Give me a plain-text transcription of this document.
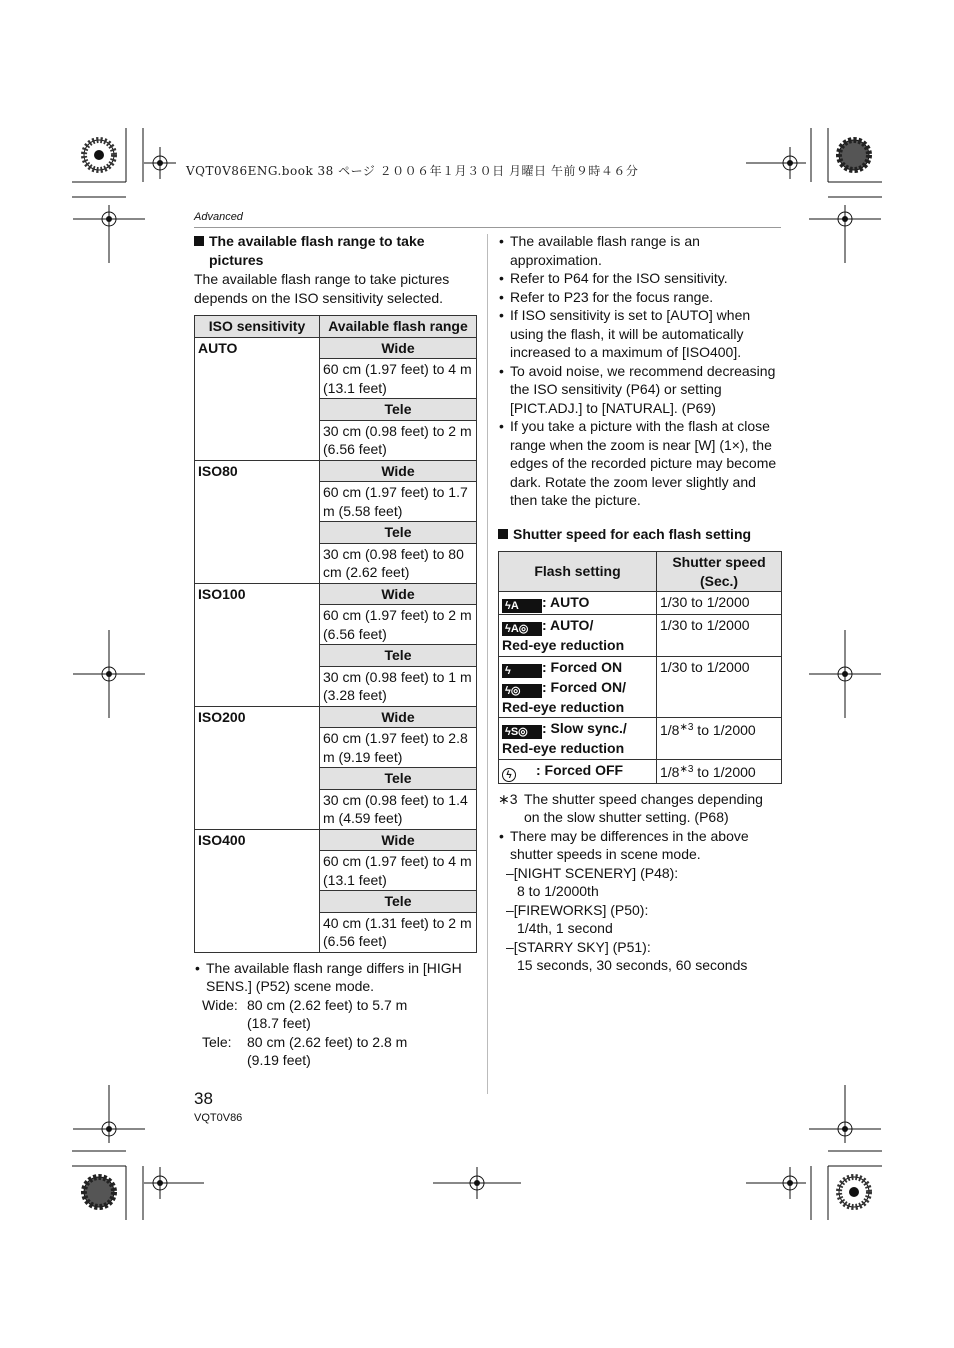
VQT0V86ENG.book 38 ページ ２００６年１月３０日 月曜日 午前９時４６分
Advanced
The available flash range to take pictures
The available flash range to take pictures depends on the ISO sensitivity selected.
ISO sensitivity	Available flash range
AUTO	Wide
	60 cm (1.97 feet) to 4 m (13.1 feet)
	Tele
	30 cm (0.98 feet) to 2 m (6.56 feet)
ISO80	Wide
	60 cm (1.97 feet) to 1.7 m (5.58 feet)
	Tele
	30 cm (0.98 feet) to 80 cm (2.62 feet)
ISO100	Wide
	60 cm (1.97 feet) to 2 m (6.56 feet)
	Tele
	30 cm (0.98 feet) to 1 m (3.28 feet)
ISO200	Wide
	60 cm (1.97 feet) to 2.8 m (9.19 feet)
	Tele
	30 cm (0.98 feet) to 1.4 m (4.59 feet)
ISO400	Wide
	60 cm (1.97 feet) to 4 m (13.1 feet)
	Tele
	40 cm (1.31 feet) to 2 m (6.56 feet)
• The available flash range differs in [HIGH SENS.] (P52) scene mode.
Wide: 80 cm (2.62 feet) to 5.7 m (18.7 feet)
Tele:	80 cm (2.62 feet) to 2.8 m (9.19 feet)
• The available flash range is an approximation.
• Refer to P64 for the ISO sensitivity.
• Refer to P23 for the focus range.
• If ISO sensitivity is set to [AUTO] when using the flash, it will be automatically increased to a maximum of [ISO400].
• To avoid noise, we recommend decreasing the ISO sensitivity (P64) or setting [PICT.ADJ.] to [NATURAL]. (P69)
• If you take a picture with the flash at close range when the zoom is near [W] (1×), the edges of the recorded picture may become dark. Rotate the zoom lever slightly and then take the picture.
Shutter speed for each flash setting
Flash setting	Shutter speed (Sec.)

ϟA : AUTO	1/30 to 1/2000

ϟA◎ : AUTO/
Red-eye reduction	1/30 to 1/2000

ϟ : Forced ON
ϟ◎ : Forced ON/
Red-eye reduction	1/30 to 1/2000

ϟS◎ : Slow sync./
Red-eye reduction	$1/8^{∗3}$ to 1/2000

ϟ : Forced OFF	$1/8^{∗3}$ to 1/2000
∗3 The shutter speed changes depending on the slow shutter setting. (P68)
• There may be differences in the above shutter speeds in scene mode.
–[NIGHT SCENERY] (P48):
8 to 1/2000th
–[FIREWORKS] (P50):
1/4th, 1 second
–[STARRY SKY] (P51):
15 seconds, 30 seconds, 60 seconds
38
VQT0V86
